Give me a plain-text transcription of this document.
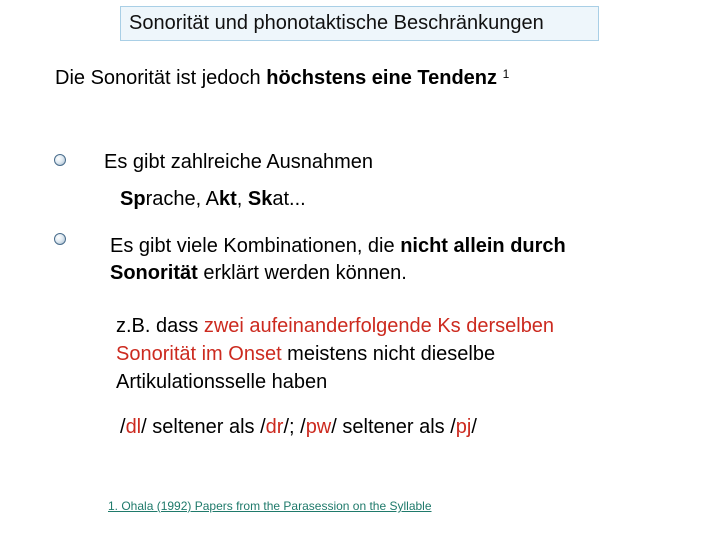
Sonorität und phonotaktische Beschränkungen
Die Sonorität ist jedoch höchstens eine Tendenz $^1$
Es gibt zahlreiche Ausnahmen
Sprache, Akt, Skat...
Es gibt viele Kombinationen, die nicht allein durch
Sonorität erklärt werden können.
z.B. dass zwei aufeinanderfolgende Ks derselben
Sonorität im Onset meistens nicht dieselbe
Artikulationsselle haben
/dl/ seltener als /dr/; /pw/ seltener als /pj/
1. Ohala (1992) Papers from the Parasession on the Syllable
